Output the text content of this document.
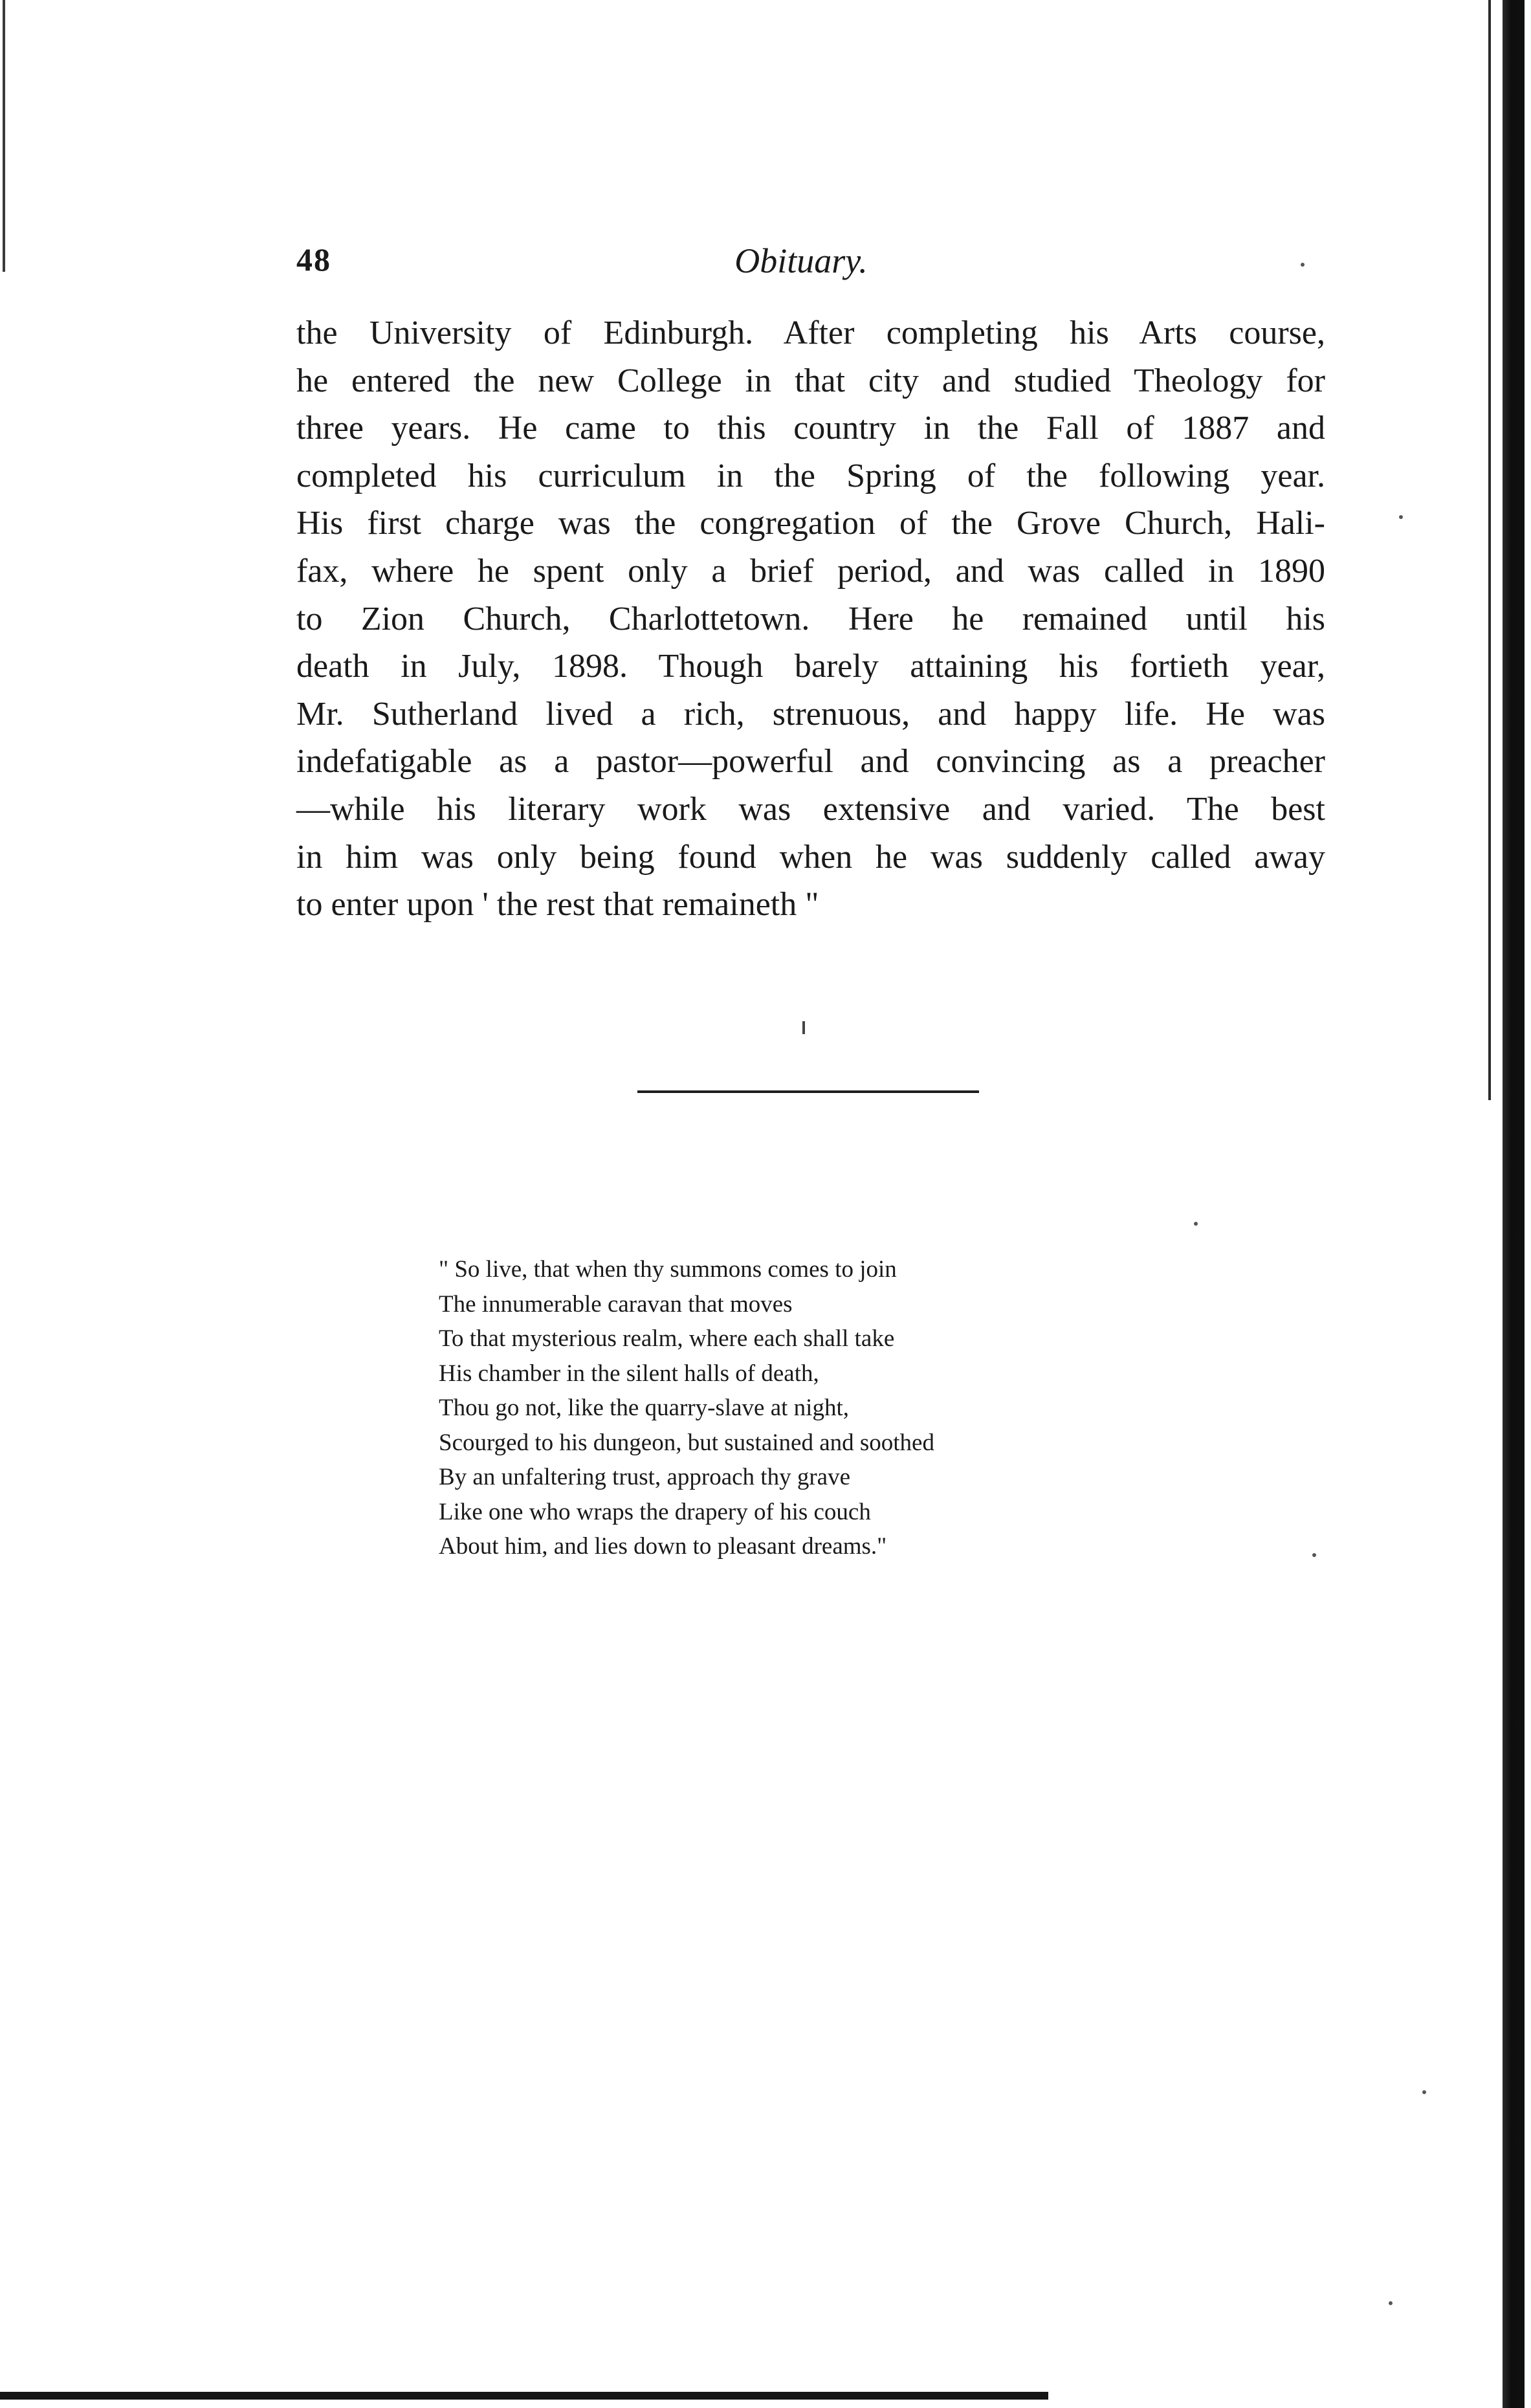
48	Obituary.

the University of Edinburgh. After completing his Arts course,
he entered the new College in that city and studied Theology for
three years. He came to this country in the Fall of 1887 and
completed his curriculum in the Spring of the following year.
His first charge was the congregation of the Grove Church, Hali-
fax, where he spent only a brief period, and was called in 1890
to Zion Church, Charlottetown. Here he remained until his
death in July, 1898. Though barely attaining his fortieth year,
Mr. Sutherland lived a rich, strenuous, and happy life. He was
indefatigable as a pastor—powerful and convincing as a preacher
—while his literary work was extensive and varied. The best
in him was only being found when he was suddenly called away
to enter upon ' the rest that remaineth "

" So live, that when thy summons comes to join
The innumerable caravan that moves
To that mysterious realm, where each shall take
His chamber in the silent halls of death,
Thou go not, like the quarry-slave at night,
Scourged to his dungeon, but sustained and soothed
By an unfaltering trust, approach thy grave
Like one who wraps the drapery of his couch
About him, and lies down to pleasant dreams."
